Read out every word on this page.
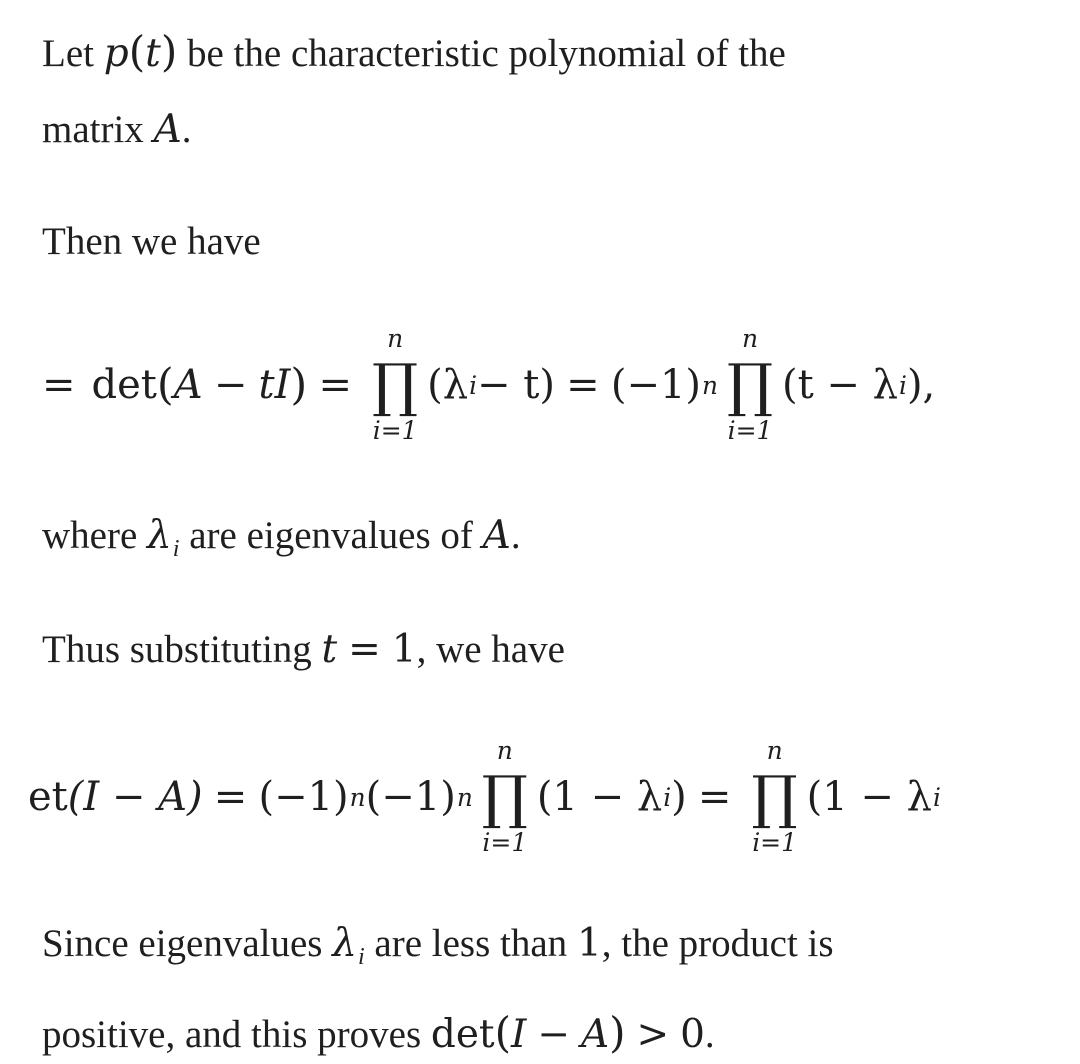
Let p(t) be the characteristic polynomial of the
matrix A.
Then we have
= det ( A − tI ) =
n
∏
i=1
(λ i − t) = (−1) n
n
∏
i=1
(t − λ i ),
where $\lambda_i$ are eigenvalues of A.
Thus substituting t = 1, we have
et (I − A) = (−1) n (−1) n
n
∏
i=1
(1 − λ i ) =
n
∏
i=1
(1 − λ i
Since eigenvalues $\lambda_i$ are less than 1, the product is
positive, and this proves det(I − A) > 0.
